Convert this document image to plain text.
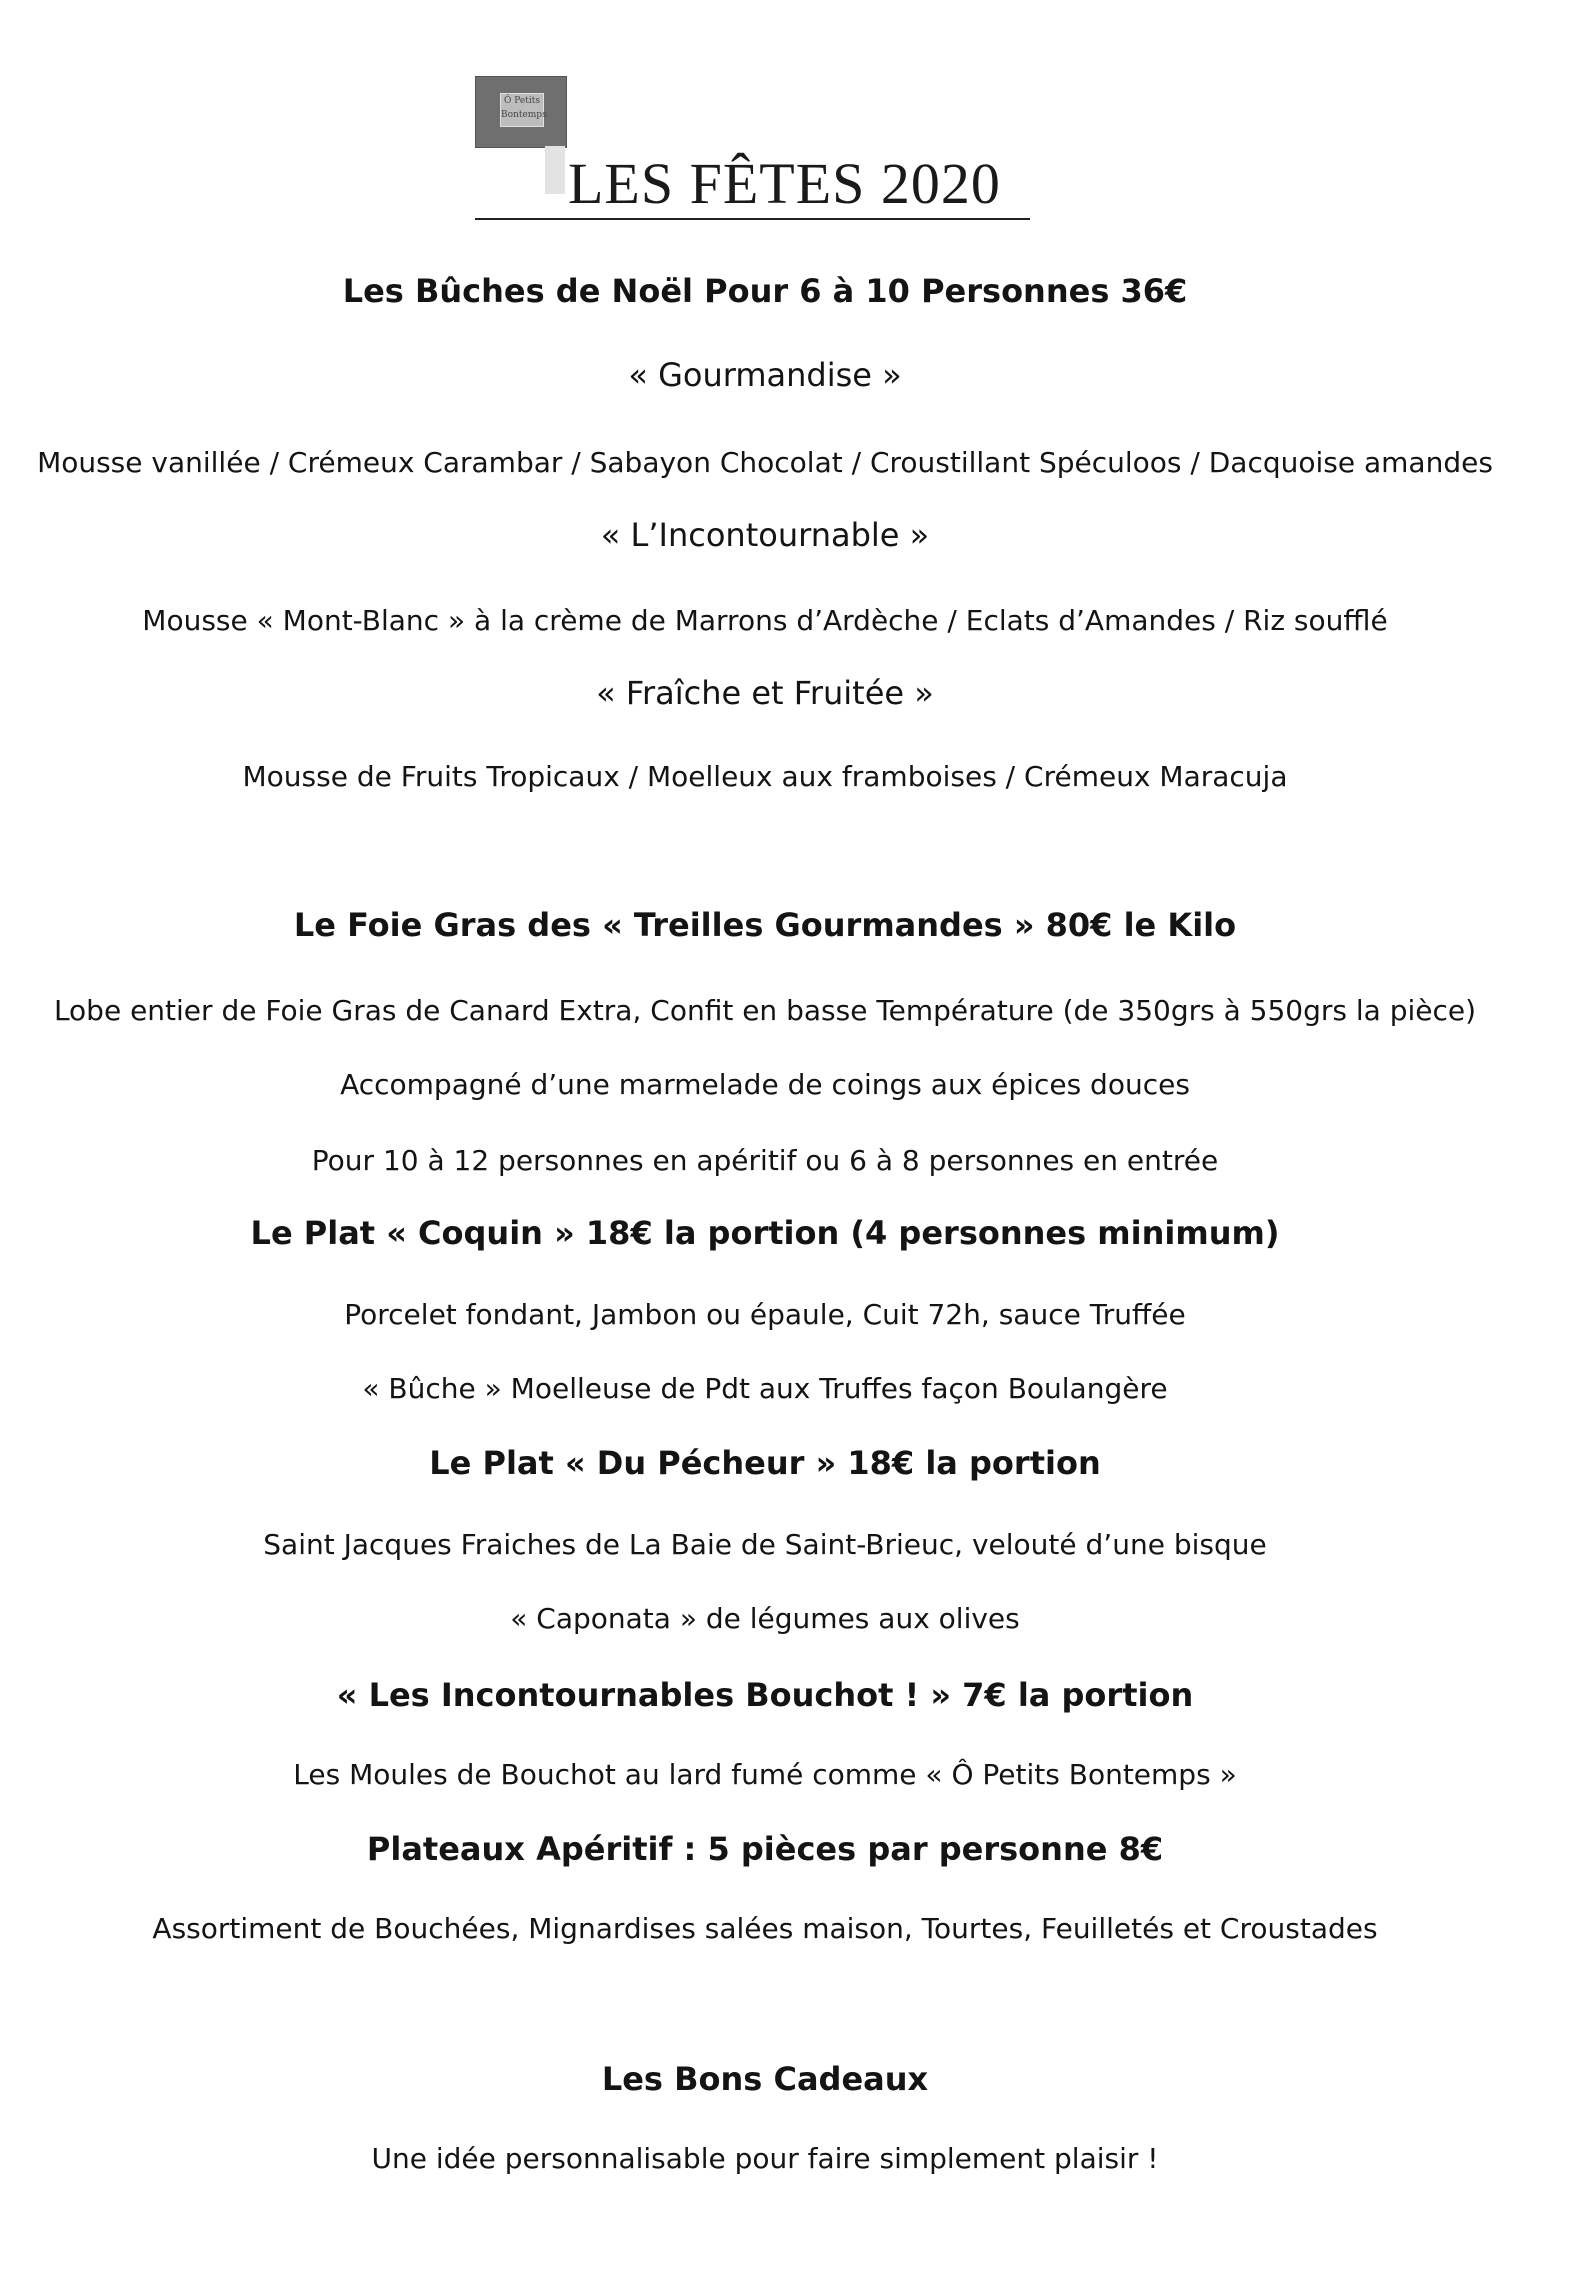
Ô Petits
Bontemps
LES FÊTES 2020
Les Bûches de Noël Pour 6 à 10 Personnes 36€
« Gourmandise »
Mousse vanillée / Crémeux Carambar / Sabayon Chocolat / Croustillant Spéculoos / Dacquoise amandes
« L’Incontournable »
Mousse « Mont-Blanc » à la crème de Marrons d’Ardèche / Eclats d’Amandes / Riz soufflé
« Fraîche et Fruitée »
Mousse de Fruits Tropicaux / Moelleux aux framboises / Crémeux Maracuja
Le Foie Gras des « Treilles Gourmandes » 80€ le Kilo
Lobe entier de Foie Gras de Canard Extra, Confit en basse Température (de 350grs à 550grs la pièce)
Accompagné d’une marmelade de coings aux épices douces
Pour 10 à 12 personnes en apéritif ou 6 à 8 personnes en entrée
Le Plat « Coquin » 18€ la portion (4 personnes minimum)
Porcelet fondant, Jambon ou épaule, Cuit 72h, sauce Truffée
« Bûche » Moelleuse de Pdt aux Truffes façon Boulangère
Le Plat « Du Pécheur » 18€ la portion
Saint Jacques Fraiches de La Baie de Saint-Brieuc, velouté d’une bisque
« Caponata » de légumes aux olives
« Les Incontournables Bouchot ! » 7€ la portion
Les Moules de Bouchot au lard fumé comme « Ô Petits Bontemps »
Plateaux Apéritif : 5 pièces par personne 8€
Assortiment de Bouchées, Mignardises salées maison, Tourtes, Feuilletés et Croustades
Les Bons Cadeaux
Une idée personnalisable pour faire simplement plaisir !
